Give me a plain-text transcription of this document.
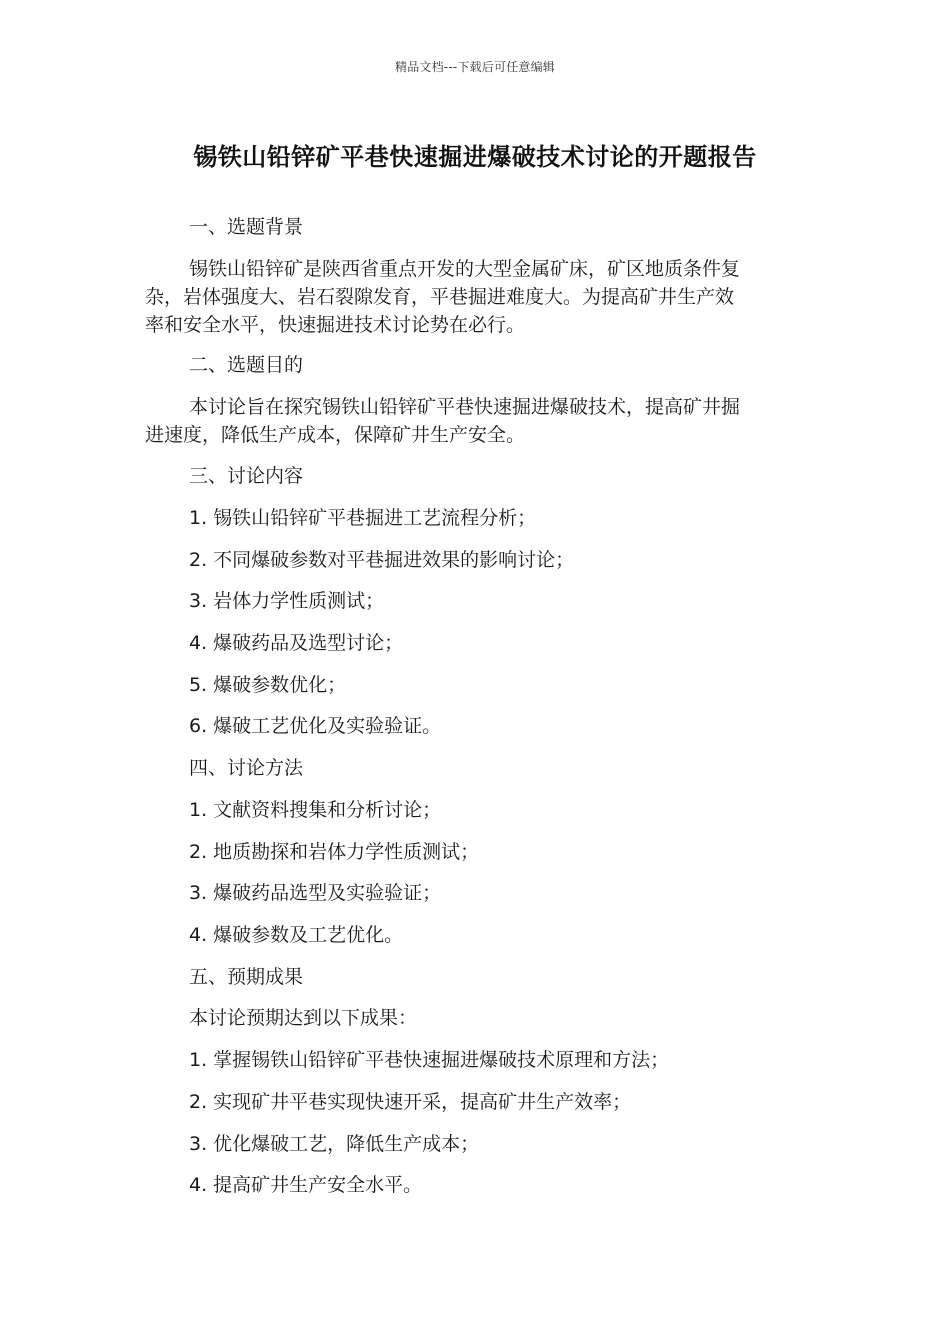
精品文档---下载后可任意编辑
锡铁山铅锌矿平巷快速掘进爆破技术讨论的开题报告

一、选题背景

锡铁山铅锌矿是陕西省重点开发的大型金属矿床，矿区地质条件复

杂，岩体强度大、岩石裂隙发育，平巷掘进难度大。为提高矿井生产效

率和安全水平，快速掘进技术讨论势在必行。

二、选题目的

本讨论旨在探究锡铁山铅锌矿平巷快速掘进爆破技术，提高矿井掘

进速度，降低生产成本，保障矿井生产安全。

三、讨论内容

1. 锡铁山铅锌矿平巷掘进工艺流程分析；

2. 不同爆破参数对平巷掘进效果的影响讨论；

3. 岩体力学性质测试；

4. 爆破药品及选型讨论；

5. 爆破参数优化；

6. 爆破工艺优化及实验验证。

四、讨论方法

1. 文献资料搜集和分析讨论；

2. 地质勘探和岩体力学性质测试；

3. 爆破药品选型及实验验证；

4. 爆破参数及工艺优化。

五、预期成果

本讨论预期达到以下成果：

1. 掌握锡铁山铅锌矿平巷快速掘进爆破技术原理和方法；

2. 实现矿井平巷实现快速开采，提高矿井生产效率；

3. 优化爆破工艺，降低生产成本；

4. 提高矿井生产安全水平。
